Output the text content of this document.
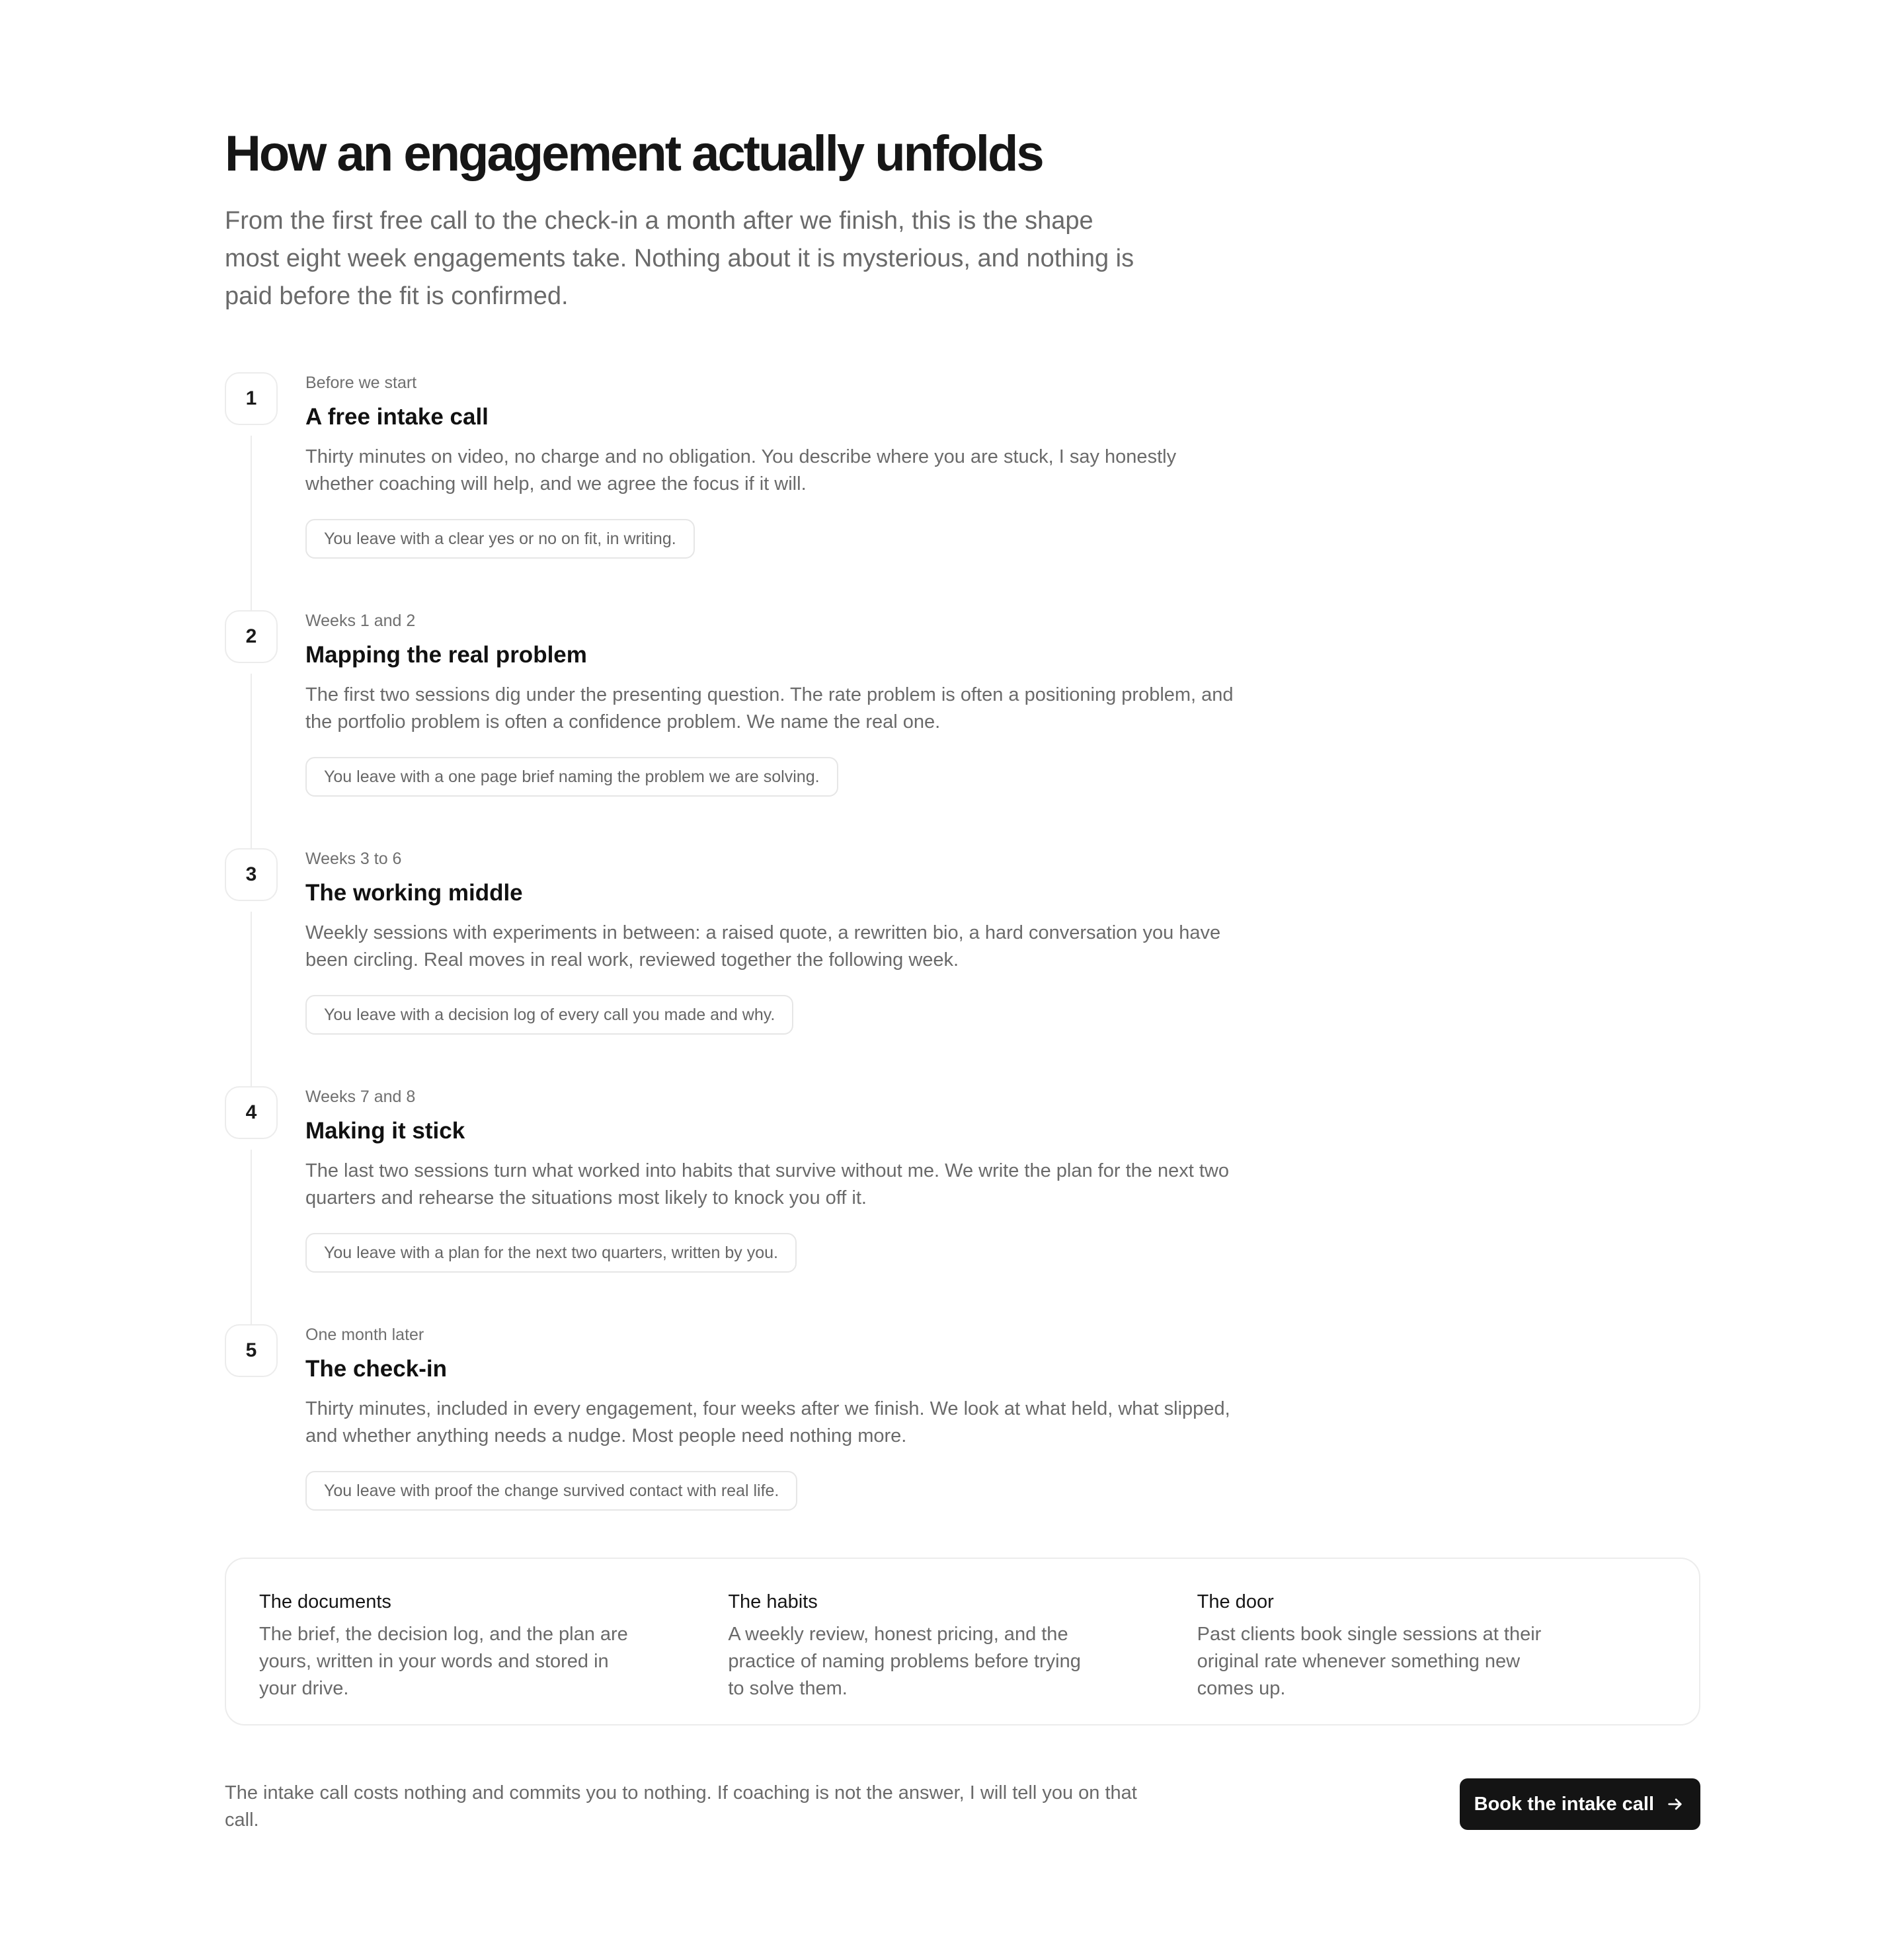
How an engagement actually unfolds

From the first free call to the check-in a month after we finish, this is the shape most eight week engagements take. Nothing about it is mysterious, and nothing is paid before the fit is confirmed.

1
Before we start
A free intake call
Thirty minutes on video, no charge and no obligation. You describe where you are stuck, I say honestly whether coaching will help, and we agree the focus if it will.
You leave with a clear yes or no on fit, in writing.
2
Weeks 1 and 2
Mapping the real problem
The first two sessions dig under the presenting question. The rate problem is often a positioning problem, and the portfolio problem is often a confidence problem. We name the real one.
You leave with a one page brief naming the problem we are solving.
3
Weeks 3 to 6
The working middle
Weekly sessions with experiments in between: a raised quote, a rewritten bio, a hard conversation you have been circling. Real moves in real work, reviewed together the following week.
You leave with a decision log of every call you made and why.
4
Weeks 7 and 8
Making it stick
The last two sessions turn what worked into habits that survive without me. We write the plan for the next two quarters and rehearse the situations most likely to knock you off it.
You leave with a plan for the next two quarters, written by you.
5
One month later
The check-in
Thirty minutes, included in every engagement, four weeks after we finish. We look at what held, what slipped, and whether anything needs a nudge. Most people need nothing more.
You leave with proof the change survived contact with real life.
The documents
The brief, the decision log, and the plan are yours, written in your words and stored in your drive.
The habits
A weekly review, honest pricing, and the practice of naming problems before trying to solve them.
The door
Past clients book single sessions at their original rate whenever something new comes up.

The intake call costs nothing and commits you to nothing. If coaching is not the answer, I will tell you on that call.

Book the intake call
